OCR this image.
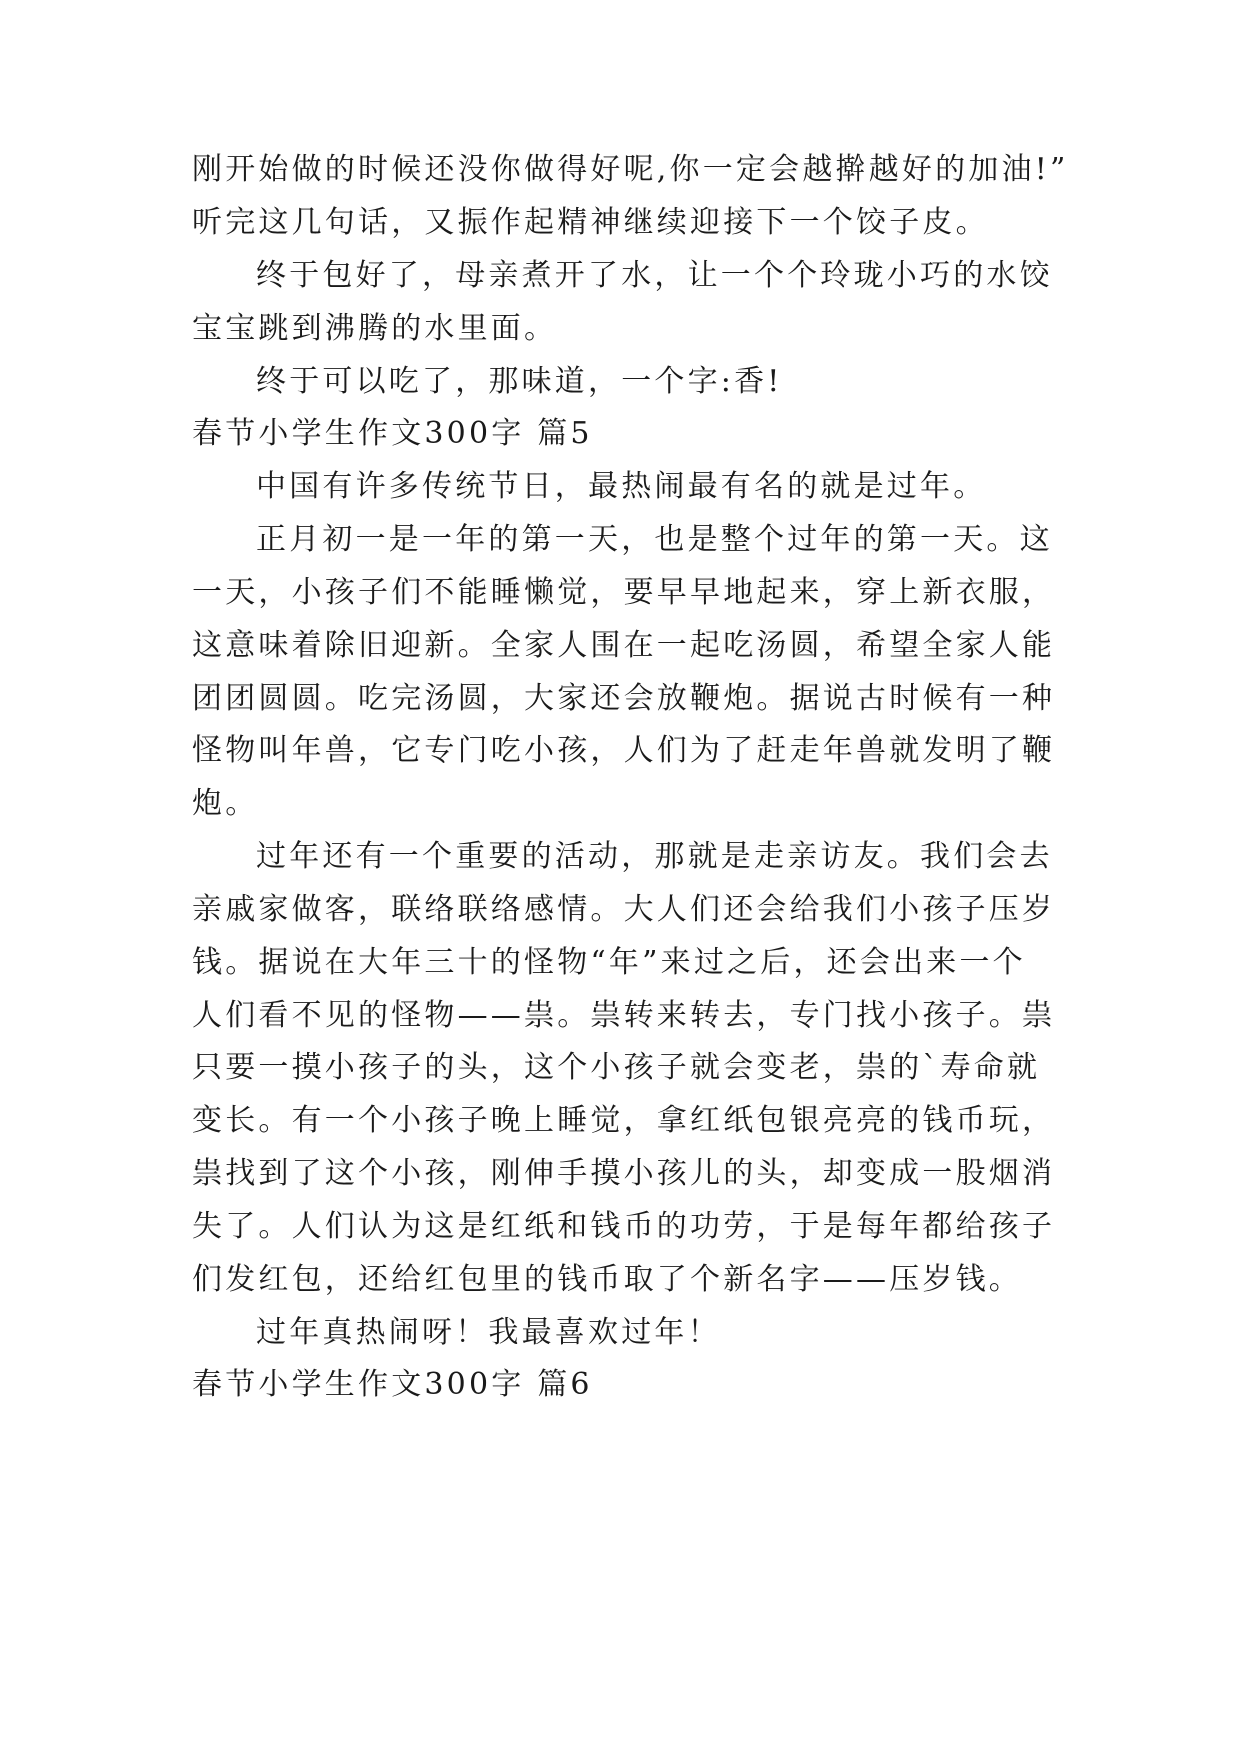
刚开始做的时候还没你做得好呢,你一定会越擀越好的加油!”
听完这几句话，又振作起精神继续迎接下一个饺子皮。
终于包好了，母亲煮开了水，让一个个玲珑小巧的水饺
宝宝跳到沸腾的水里面。
终于可以吃了，那味道，一个字:香!
春节小学生作文300字 篇5
中国有许多传统节日，最热闹最有名的就是过年。
正月初一是一年的第一天，也是整个过年的第一天。这
一天，小孩子们不能睡懒觉，要早早地起来，穿上新衣服，
这意味着除旧迎新。全家人围在一起吃汤圆，希望全家人能
团团圆圆。吃完汤圆，大家还会放鞭炮。据说古时候有一种
怪物叫年兽，它专门吃小孩，人们为了赶走年兽就发明了鞭
炮。
过年还有一个重要的活动，那就是走亲访友。我们会去
亲戚家做客，联络联络感情。大人们还会给我们小孩子压岁
钱。据说在大年三十的怪物“年”来过之后，还会出来一个
人们看不见的怪物——祟。祟转来转去，专门找小孩子。祟
只要一摸小孩子的头，这个小孩子就会变老，祟的`寿命就
变长。有一个小孩子晚上睡觉，拿红纸包银亮亮的钱币玩，
祟找到了这个小孩，刚伸手摸小孩儿的头，却变成一股烟消
失了。人们认为这是红纸和钱币的功劳，于是每年都给孩子
们发红包，还给红包里的钱币取了个新名字——压岁钱。
过年真热闹呀！我最喜欢过年！
春节小学生作文300字 篇6
